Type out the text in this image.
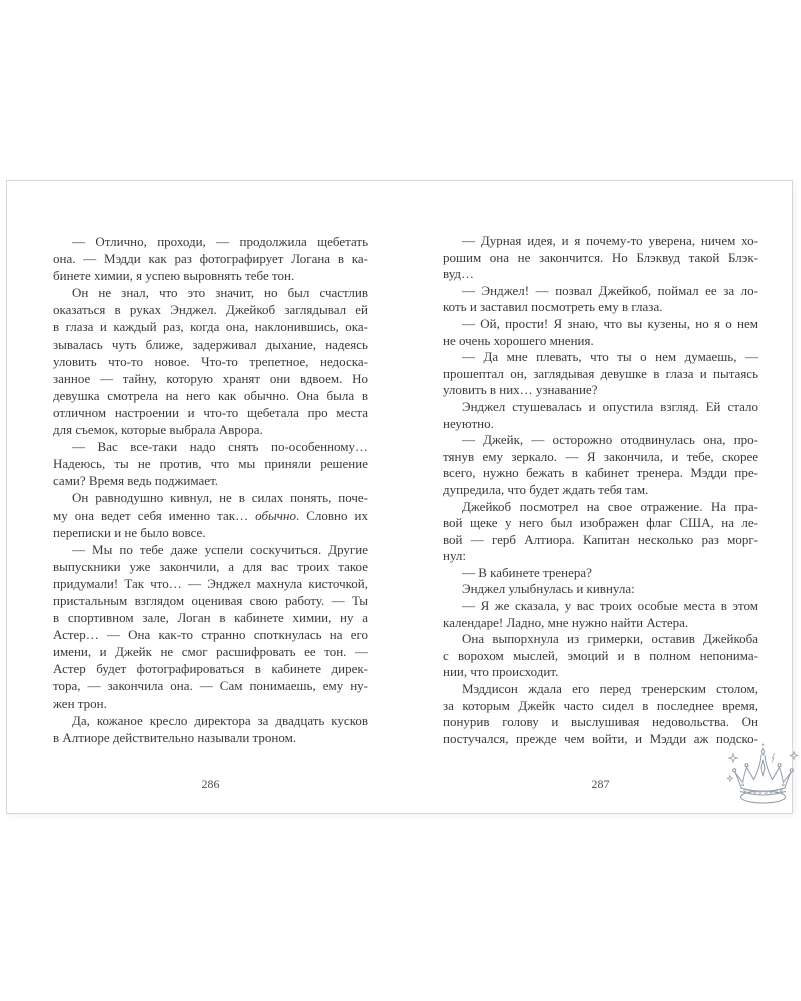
— Отлично, проходи, — продолжила щебетать
она. — Мэдди как раз фотографирует Логана в ка-
бинете химии, я успею выровнять тебе тон.
Он не знал, что это значит, но был счастлив
оказаться в руках Энджел. Джейкоб заглядывал ей
в глаза и каждый раз, когда она, наклонившись, ока-
зывалась чуть ближе, задерживал дыхание, надеясь
уловить что-то новое. Что-то трепетное, недоска-
занное — тайну, которую хранят они вдвоем. Но
девушка смотрела на него как обычно. Она была в
отличном настроении и что-то щебетала про места
для съемок, которые выбрала Аврора.
— Вас все-таки надо снять по-особенному…
Надеюсь, ты не против, что мы приняли решение
сами? Время ведь поджимает.
Он равнодушно кивнул, не в силах понять, поче-
му она ведет себя именно так… обычно. Словно их
переписки и не было вовсе.
— Мы по тебе даже успели соскучиться. Другие
выпускники уже закончили, а для вас троих такое
придумали! Так что… — Энджел махнула кисточкой,
пристальным взглядом оценивая свою работу. — Ты
в спортивном зале, Логан в кабинете химии, ну а
Астер… — Она как-то странно споткнулась на его
имени, и Джейк не смог расшифровать ее тон. —
Астер будет фотографироваться в кабинете дирек-
тора, — закончила она. — Сам понимаешь, ему ну-
жен трон.
Да, кожаное кресло директора за двадцать кусков
в Алтиоре действительно называли троном.
286
— Дурная идея, и я почему-то уверена, ничем хо-
рошим она не закончится. Но Блэквуд такой Блэк-
вуд…
— Энджел! — позвал Джейкоб, поймал ее за ло-
коть и заставил посмотреть ему в глаза.
— Ой, прости! Я знаю, что вы кузены, но я о нем
не очень хорошего мнения.
— Да мне плевать, что ты о нем думаешь, —
прошептал он, заглядывая девушке в глаза и пытаясь
уловить в них… узнавание?
Энджел стушевалась и опустила взгляд. Ей стало
неуютно.
— Джейк, — осторожно отодвинулась она, про-
тянув ему зеркало. — Я закончила, и тебе, скорее
всего, нужно бежать в кабинет тренера. Мэдди пре-
дупредила, что будет ждать тебя там.
Джейкоб посмотрел на свое отражение. На пра-
вой щеке у него был изображен флаг США, на ле-
вой — герб Алтиора. Капитан несколько раз морг-
нул:
— В кабинете тренера?
Энджел улыбнулась и кивнула:
— Я же сказала, у вас троих особые места в этом
календаре! Ладно, мне нужно найти Астера.
Она выпорхнула из гримерки, оставив Джейкоба
с ворохом мыслей, эмоций и в полном непонима-
нии, что происходит.
Мэддисон ждала его перед тренерским столом,
за которым Джейк часто сидел в последнее время,
понурив голову и выслушивая недовольства. Он
постучался, прежде чем войти, и Мэдди аж подско-
287
